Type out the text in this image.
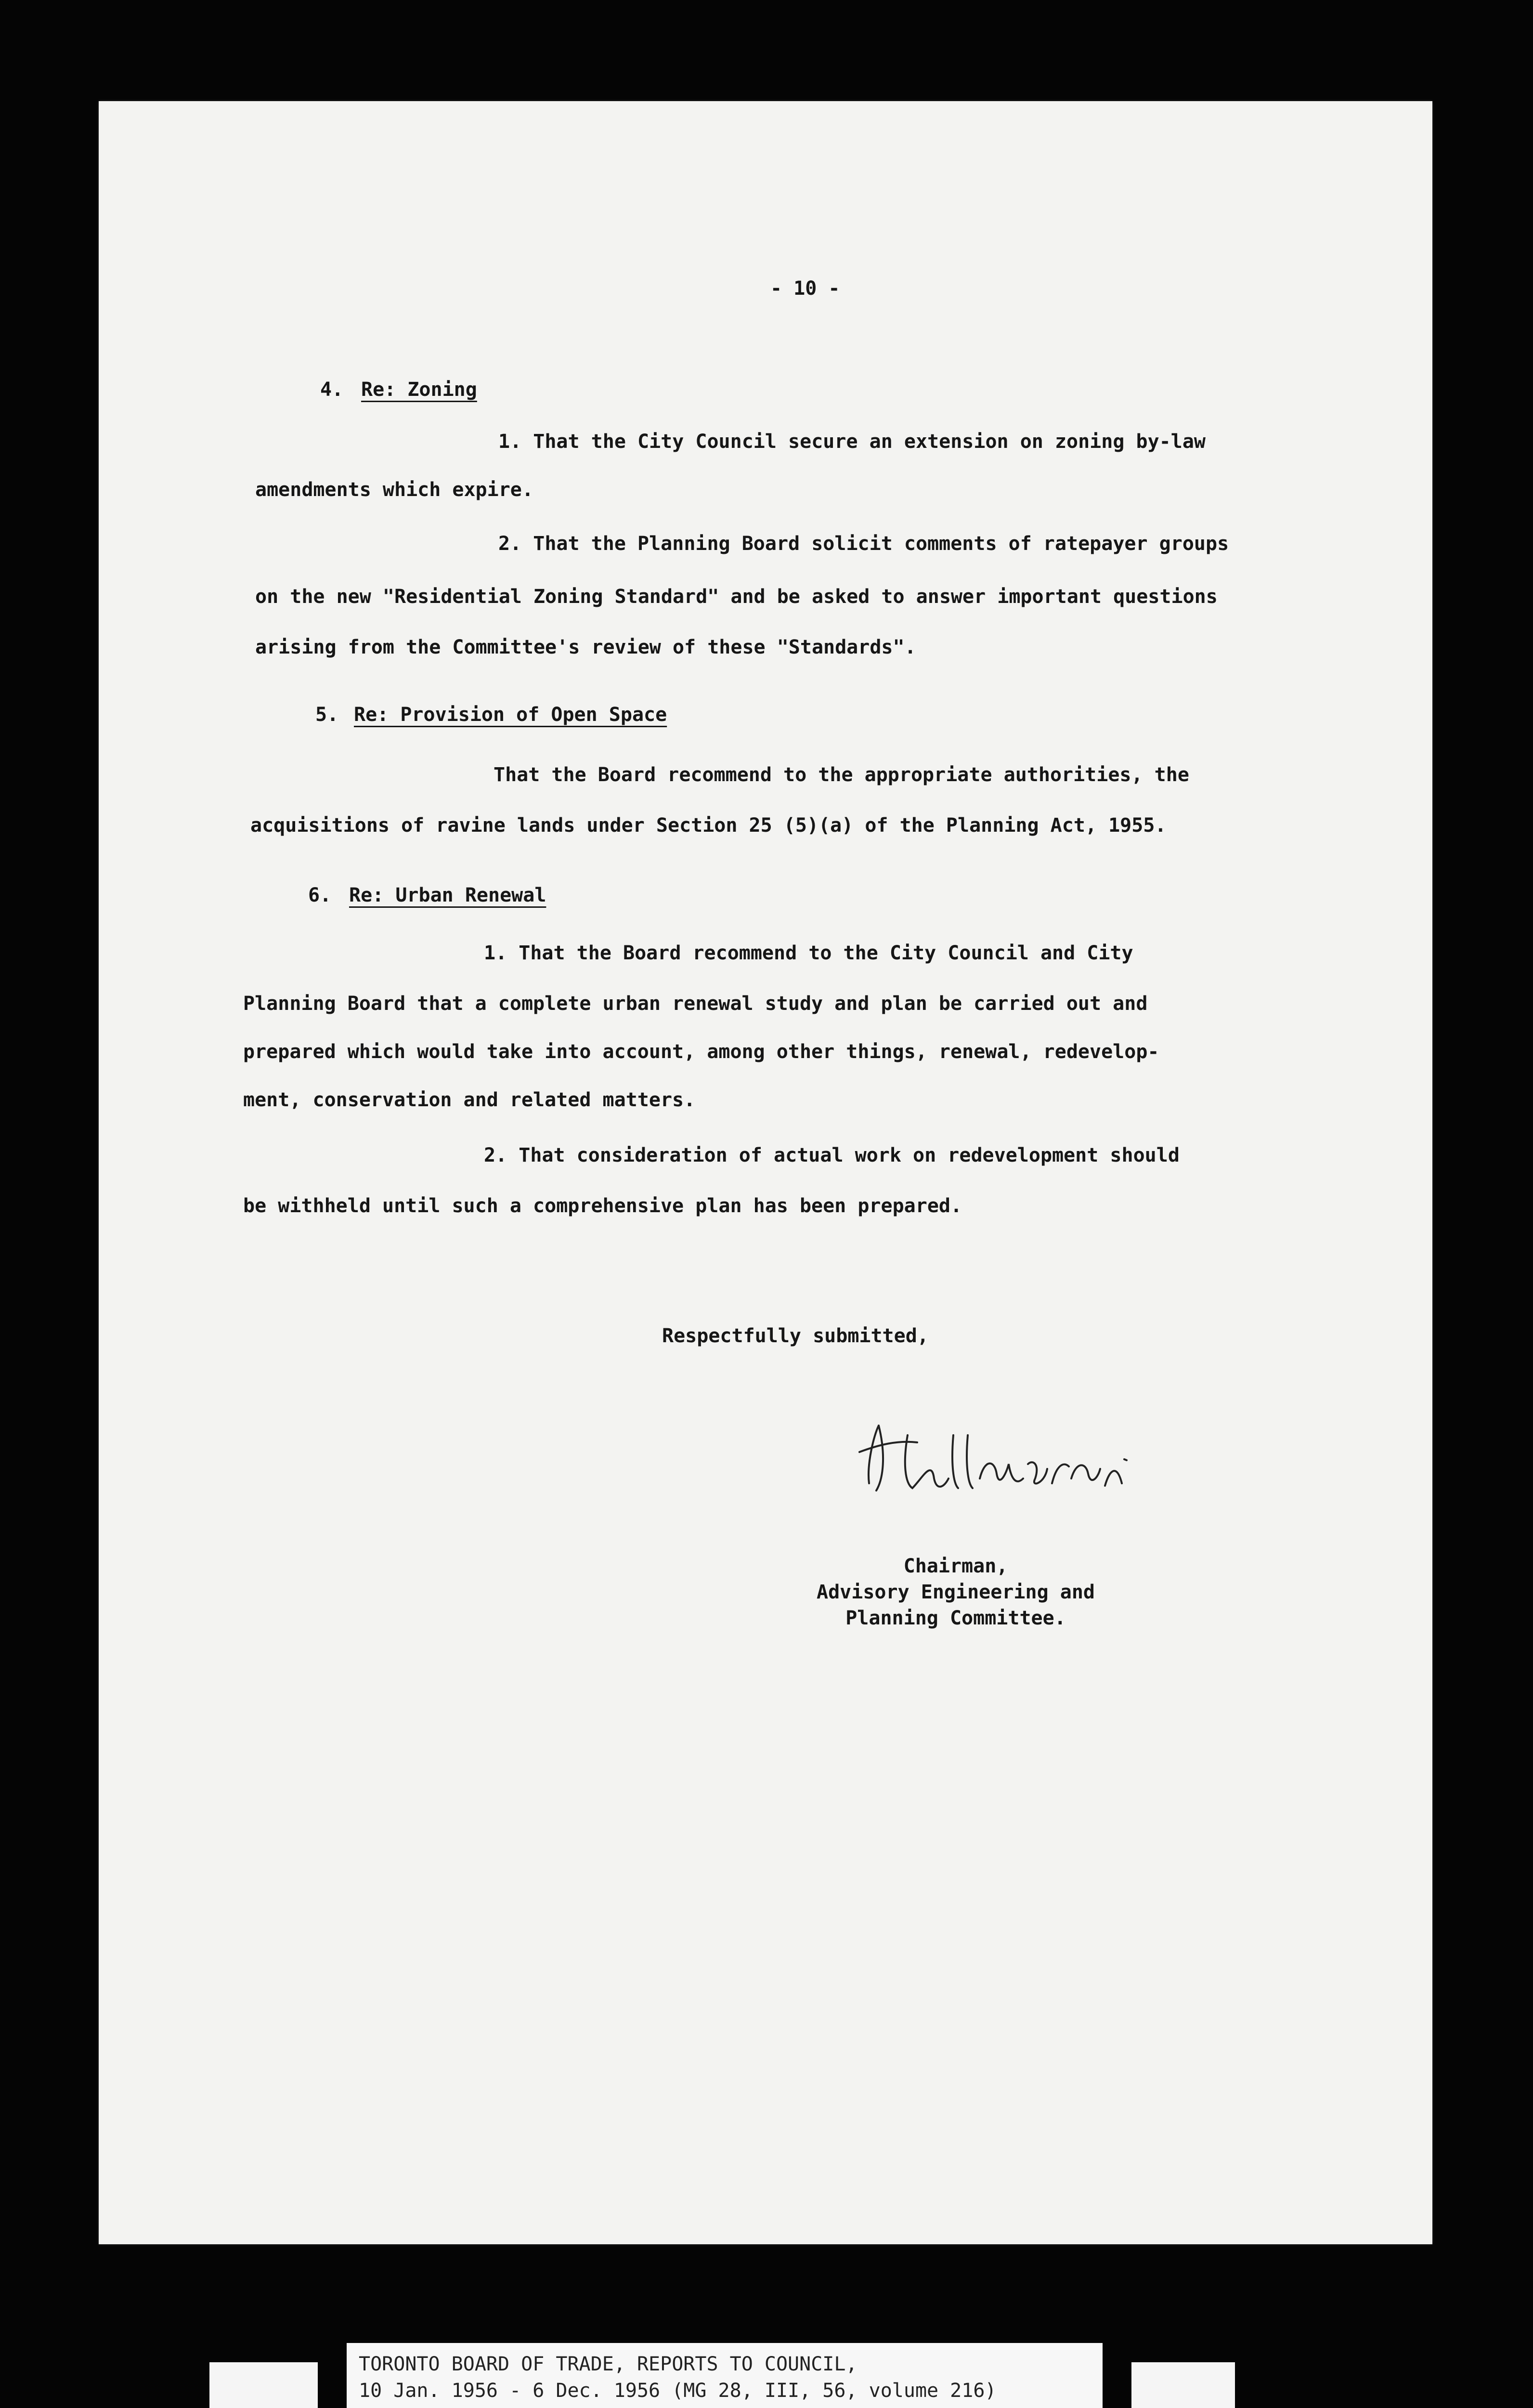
- 10 -
4. Re: Zoning
1. That the City Council secure an extension on zoning by-law
amendments which expire.
2. That the Planning Board solicit comments of ratepayer groups
on the new "Residential Zoning Standard" and be asked to answer important questions
arising from the Committee's review of these "Standards".
5. Re: Provision of Open Space
That the Board recommend to the appropriate authorities, the
acquisitions of ravine lands under Section 25 (5)(a) of the Planning Act, 1955.
6. Re: Urban Renewal
1. That the Board recommend to the City Council and City
Planning Board that a complete urban renewal study and plan be carried out and
prepared which would take into account, among other things, renewal, redevelop-
ment, conservation and related matters.
2. That consideration of actual work on redevelopment should
be withheld until such a comprehensive plan has been prepared.
Respectfully submitted,
Chairman,
Advisory Engineering and
Planning Committee.
TORONTO BOARD OF TRADE, REPORTS TO COUNCIL,
10 Jan. 1956 - 6 Dec. 1956 (MG 28, III, 56, volume 216)
